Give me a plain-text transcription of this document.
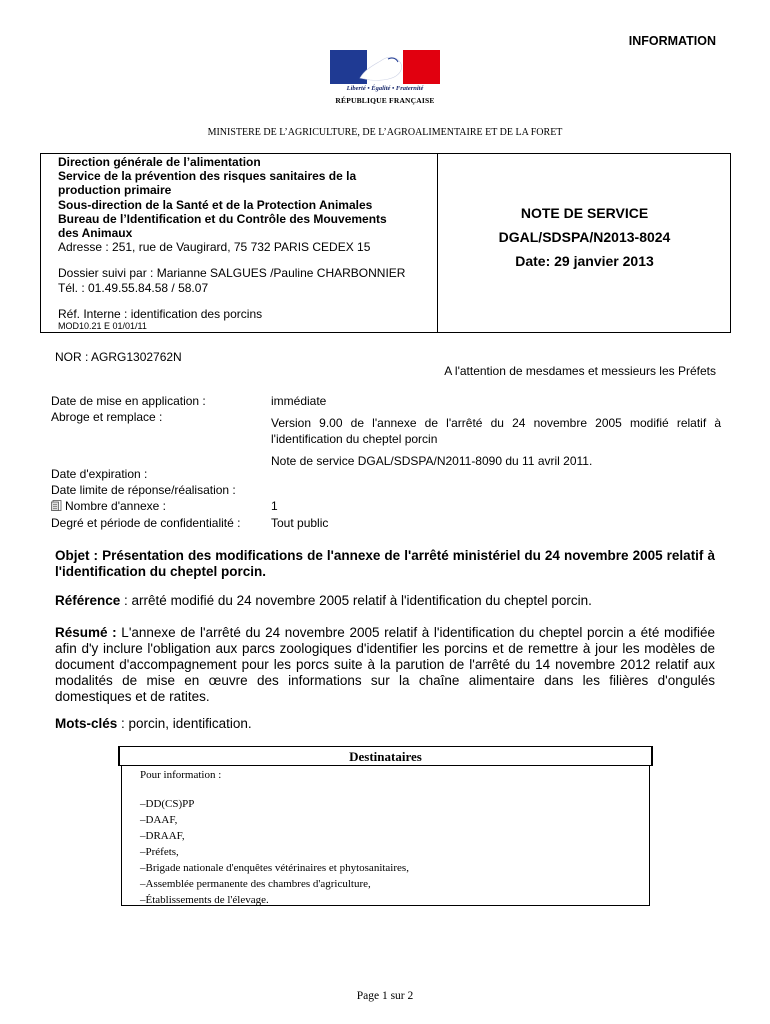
INFORMATION
Liberté • Égalité • Fraternité
RÉPUBLIQUE FRANÇAISE
MINISTERE DE L’AGRICULTURE, DE L’AGROALIMENTAIRE ET DE LA FORET
Direction générale de l’alimentation
Service de la prévention des risques sanitaires de la
production primaire
Sous-direction de la Santé et de la Protection Animales
Bureau de l’Identification et du Contrôle des Mouvements
des Animaux
Adresse : 251, rue de Vaugirard, 75 732 PARIS CEDEX 15
Dossier suivi par : Marianne SALGUES /Pauline CHARBONNIER
Tél. : 01.49.55.84.58 / 58.07
Réf. Interne : identification des porcins
MOD10.21 E 01/01/11
NOTE DE SERVICE
DGAL/SDSPA/N2013-8024
Date: 29 janvier 2013
NOR : AGRG1302762N
A l'attention de mesdames et messieurs les Préfets
Date de mise en application :	immédiate
Abroge et remplace :	Version 9.00 de l'annexe de l'arrêté du 24 novembre 2005 modifié relatif à l'identification du cheptel porcin
Note de service DGAL/SDSPA/N2011-8090 du 11 avril 2011.
Date d'expiration :
Date limite de réponse/réalisation :
Nombre d'annexe :	1
Degré et période de confidentialité :	Tout public
Objet : Présentation des modifications de l'annexe de l'arrêté ministériel du 24 novembre 2005 relatif à l'identification du cheptel porcin.
Référence : arrêté modifié du 24 novembre 2005 relatif à l'identification du cheptel porcin.
Résumé : L'annexe de l'arrêté du 24 novembre 2005 relatif à l'identification du cheptel porcin a été modifiée afin d'y inclure l'obligation aux parcs zoologiques d'identifier les porcins et de remettre à jour les modèles de document d'accompagnement pour les porcs suite à la parution de l'arrêté du 14 novembre 2012 relatif aux modalités de mise en œuvre des informations sur la chaîne alimentaire dans les filières d'ongulés domestiques et de ratites.
Mots-clés : porcin, identification.
Destinataires
Pour information :
–DD(CS)PP
–DAAF,
–DRAAF,
–Préfets,
–Brigade nationale d'enquêtes vétérinaires et phytosanitaires,
–Assemblée permanente des chambres d'agriculture,
–Établissements de l'élevage.
Page 1 sur 2
